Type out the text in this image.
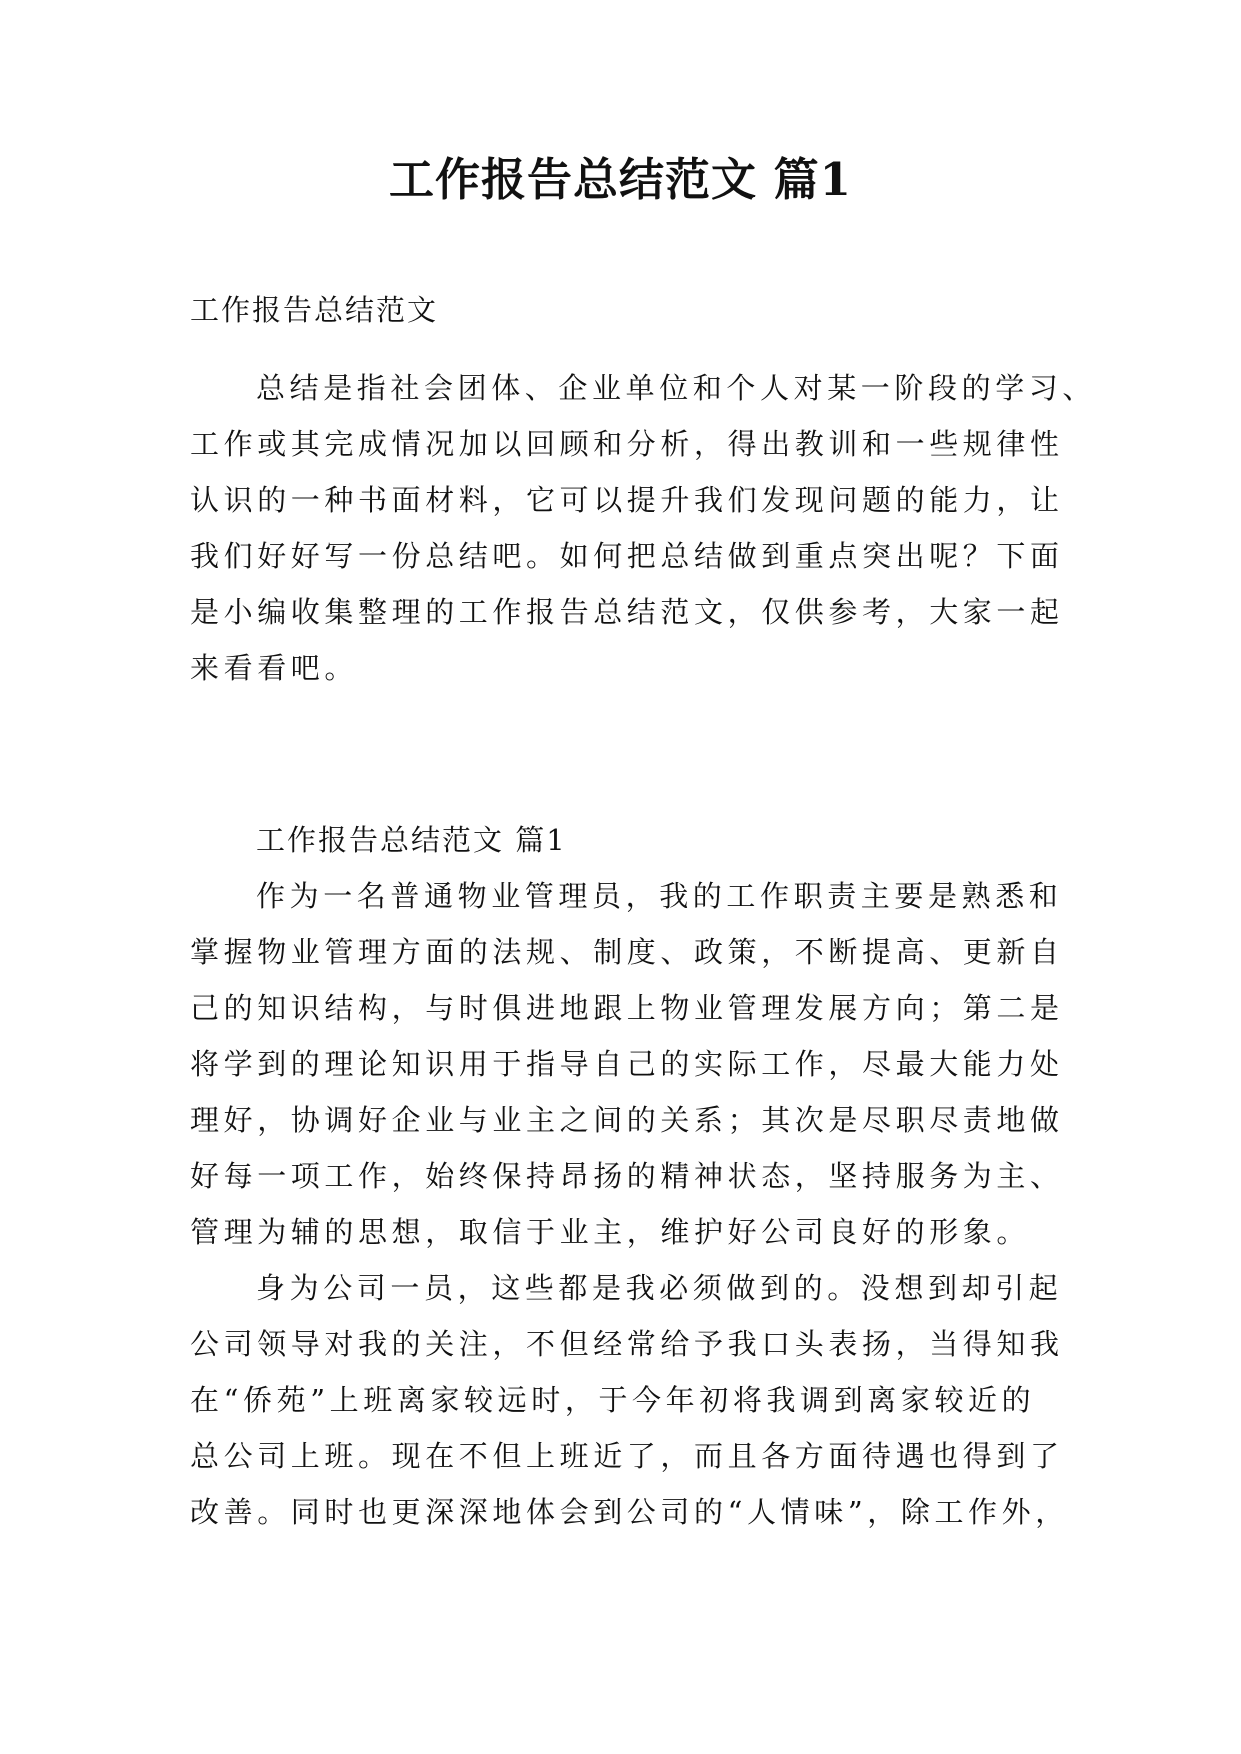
工作报告总结范文 篇1

工作报告总结范文

总结是指社会团体、企业单位和个人对某一阶段的学习、
工作或其完成情况加以回顾和分析，得出教训和一些规律性
认识的一种书面材料，它可以提升我们发现问题的能力，让
我们好好写一份总结吧。如何把总结做到重点突出呢？下面
是小编收集整理的工作报告总结范文，仅供参考，大家一起
来看看吧。

工作报告总结范文 篇1

作为一名普通物业管理员，我的工作职责主要是熟悉和
掌握物业管理方面的法规、制度、政策，不断提高、更新自
己的知识结构，与时俱进地跟上物业管理发展方向；第二是
将学到的理论知识用于指导自己的实际工作，尽最大能力处
理好，协调好企业与业主之间的关系；其次是尽职尽责地做
好每一项工作，始终保持昂扬的精神状态，坚持服务为主、
管理为辅的思想，取信于业主，维护好公司良好的形象。
身为公司一员，这些都是我必须做到的。没想到却引起
公司领导对我的关注，不但经常给予我口头表扬，当得知我
在“侨苑”上班离家较远时，于今年初将我调到离家较近的
总公司上班。现在不但上班近了，而且各方面待遇也得到了
改善。同时也更深深地体会到公司的“人情味”，除工作外，
